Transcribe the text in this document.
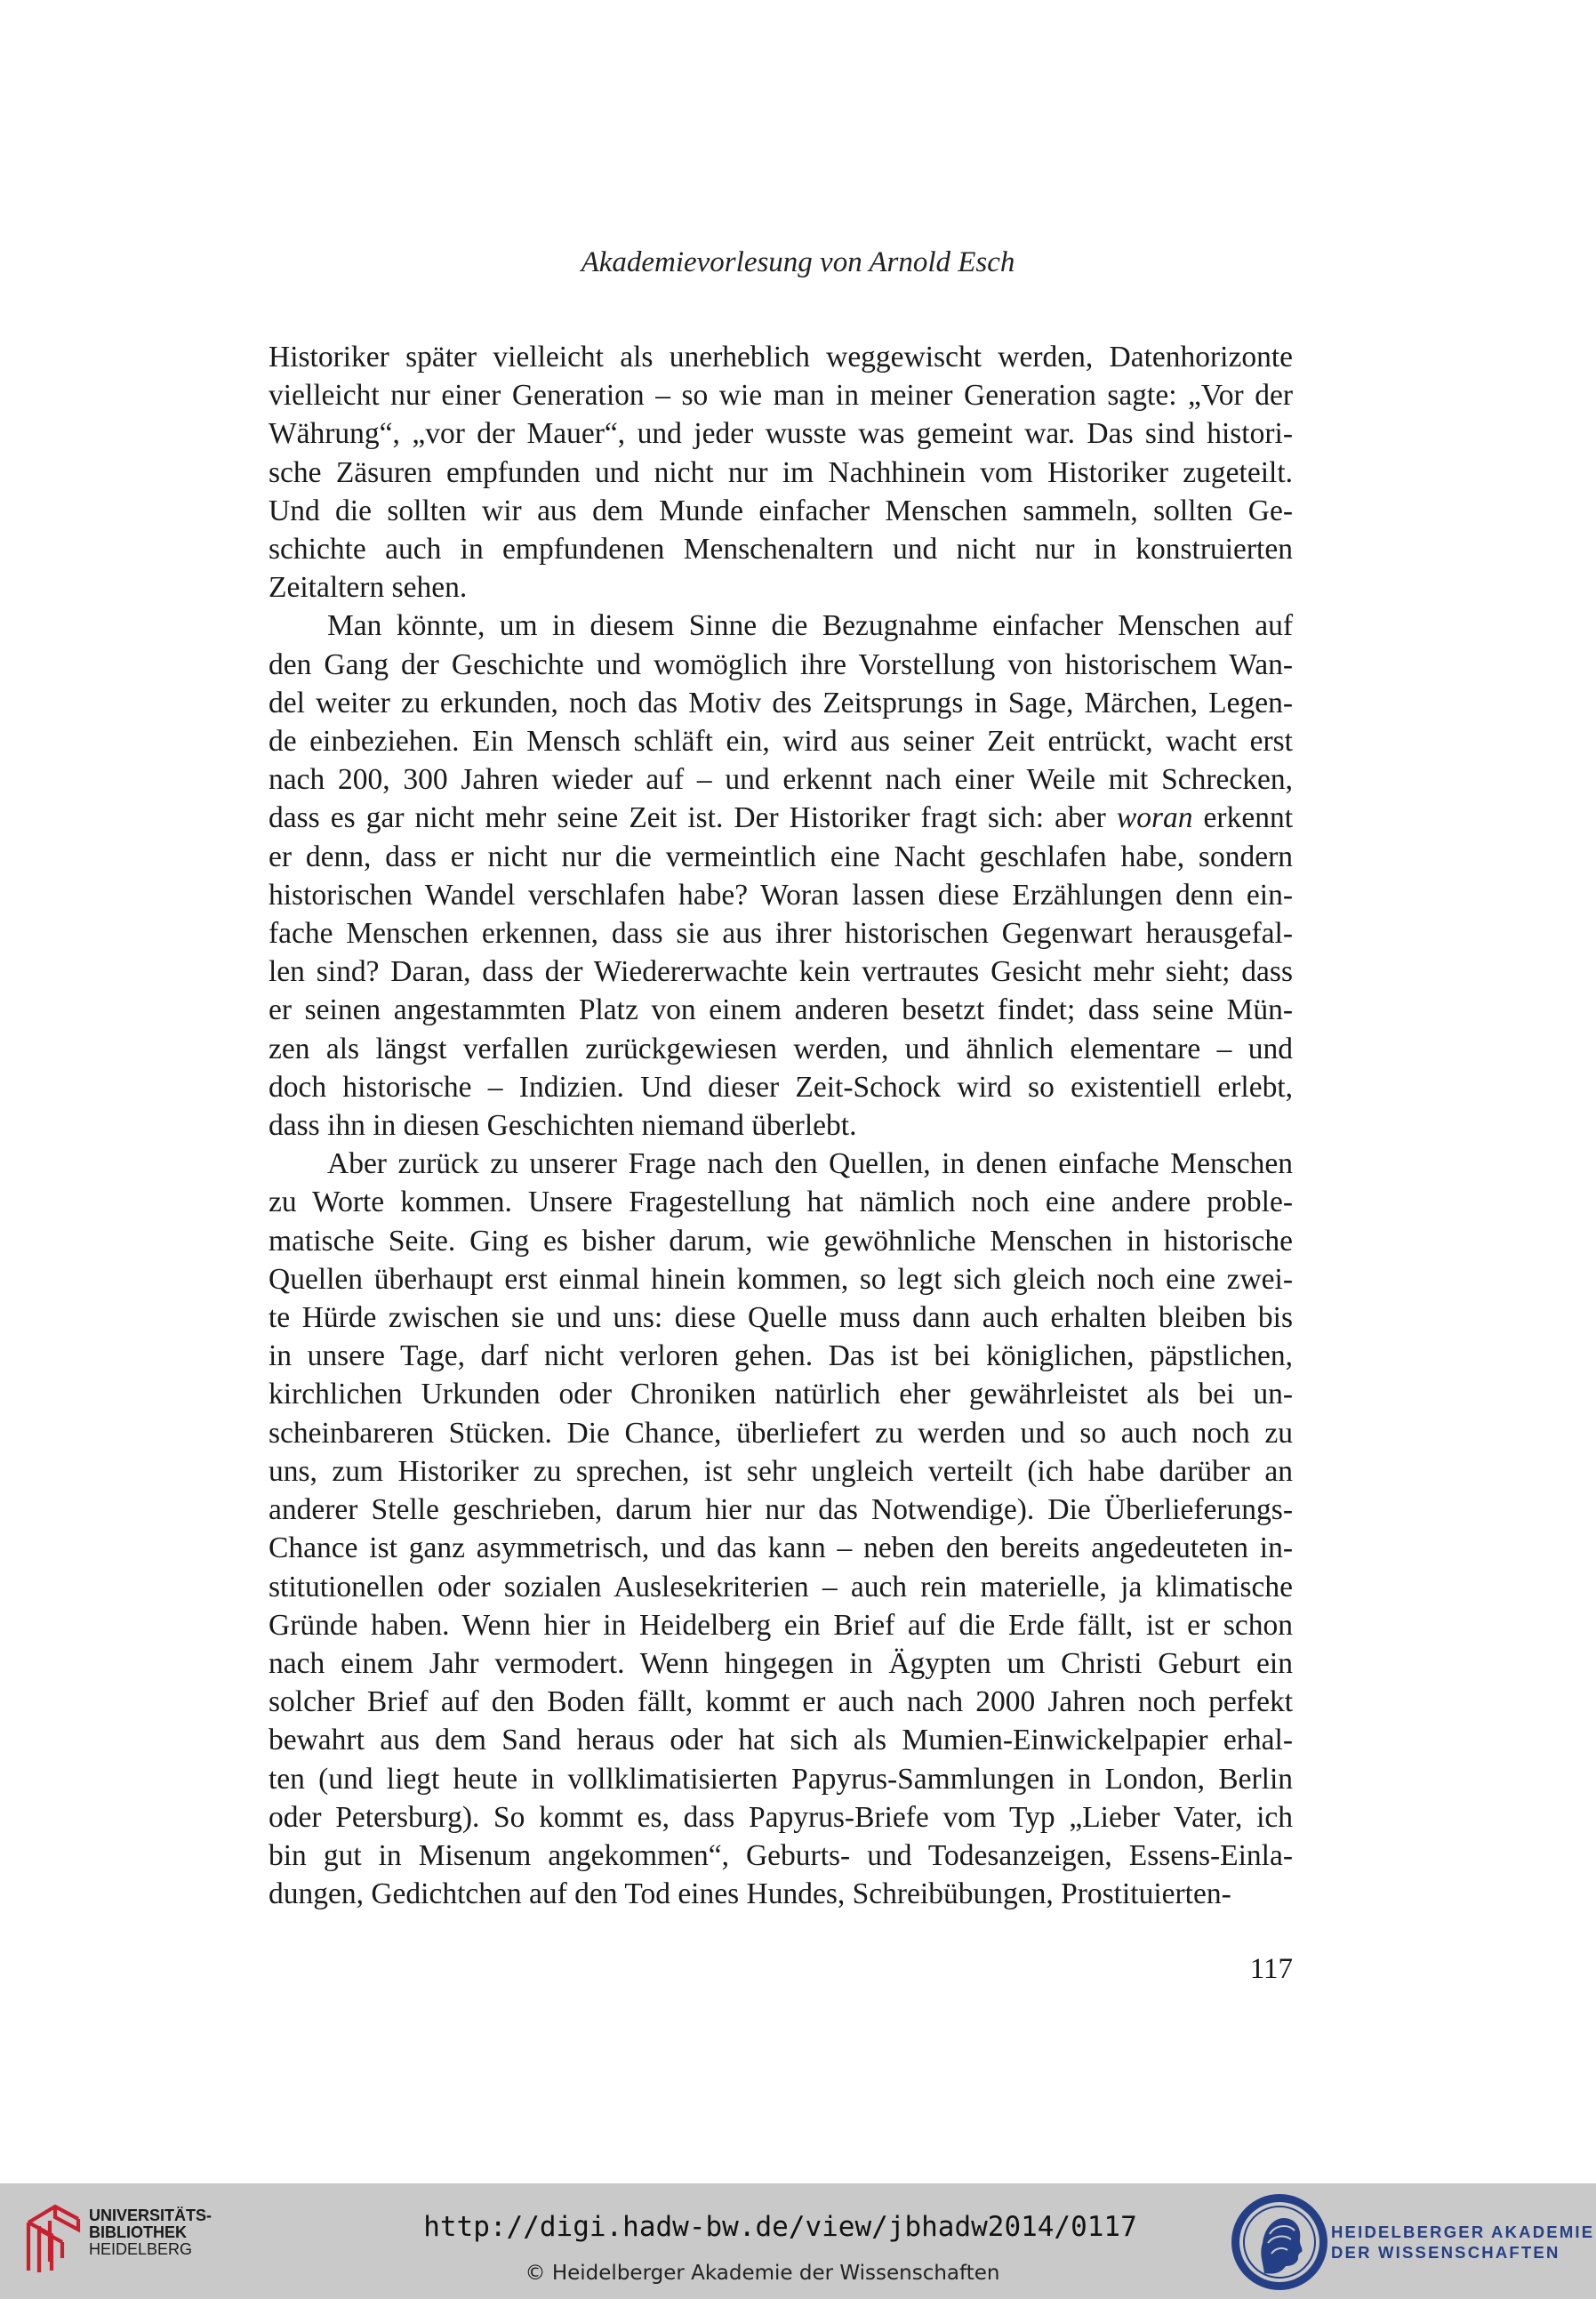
Akademievorlesung von Arnold Esch

Historiker später vielleicht als unerheblich weggewischt werden, Datenhorizonte
vielleicht nur einer Generation – so wie man in meiner Generation sagte: „Vor der
Währung“, „vor der Mauer“, und jeder wusste was gemeint war. Das sind histori-
sche Zäsuren empfunden und nicht nur im Nachhinein vom Historiker zugeteilt.
Und die sollten wir aus dem Munde einfacher Menschen sammeln, sollten Ge-
schichte auch in empfundenen Menschenaltern und nicht nur in konstruierten
Zeitaltern sehen.

Man könnte, um in diesem Sinne die Bezugnahme einfacher Menschen auf
den Gang der Geschichte und womöglich ihre Vorstellung von historischem Wan-
del weiter zu erkunden, noch das Motiv des Zeitsprungs in Sage, Märchen, Legen-
de einbeziehen. Ein Mensch schläft ein, wird aus seiner Zeit entrückt, wacht erst
nach 200, 300 Jahren wieder auf – und erkennt nach einer Weile mit Schrecken,
dass es gar nicht mehr seine Zeit ist. Der Historiker fragt sich: aber woran erkennt
er denn, dass er nicht nur die vermeintlich eine Nacht geschlafen habe, sondern
historischen Wandel verschlafen habe? Woran lassen diese Erzählungen denn ein-
fache Menschen erkennen, dass sie aus ihrer historischen Gegenwart herausgefal-
len sind? Daran, dass der Wiedererwachte kein vertrautes Gesicht mehr sieht; dass
er seinen angestammten Platz von einem anderen besetzt findet; dass seine Mün-
zen als längst verfallen zurückgewiesen werden, und ähnlich elementare – und
doch historische – Indizien. Und dieser Zeit-Schock wird so existentiell erlebt,
dass ihn in diesen Geschichten niemand überlebt.

Aber zurück zu unserer Frage nach den Quellen, in denen einfache Menschen
zu Worte kommen. Unsere Fragestellung hat nämlich noch eine andere proble-
matische Seite. Ging es bisher darum, wie gewöhnliche Menschen in historische
Quellen überhaupt erst einmal hinein kommen, so legt sich gleich noch eine zwei-
te Hürde zwischen sie und uns: diese Quelle muss dann auch erhalten bleiben bis
in unsere Tage, darf nicht verloren gehen. Das ist bei königlichen, päpstlichen,
kirchlichen Urkunden oder Chroniken natürlich eher gewährleistet als bei un-
scheinbareren Stücken. Die Chance, überliefert zu werden und so auch noch zu
uns, zum Historiker zu sprechen, ist sehr ungleich verteilt (ich habe darüber an
anderer Stelle geschrieben, darum hier nur das Notwendige). Die Überlieferungs-
Chance ist ganz asymmetrisch, und das kann – neben den bereits angedeuteten in-
stitutionellen oder sozialen Auslesekriterien – auch rein materielle, ja klimatische
Gründe haben. Wenn hier in Heidelberg ein Brief auf die Erde fällt, ist er schon
nach einem Jahr vermodert. Wenn hingegen in Ägypten um Christi Geburt ein
solcher Brief auf den Boden fällt, kommt er auch nach 2000 Jahren noch perfekt
bewahrt aus dem Sand heraus oder hat sich als Mumien-Einwickelpapier erhal-
ten (und liegt heute in vollklimatisierten Papyrus-Sammlungen in London, Berlin
oder Petersburg). So kommt es, dass Papyrus-Briefe vom Typ „Lieber Vater, ich
bin gut in Misenum angekommen“, Geburts- und Todesanzeigen, Essens-Einla-
dungen, Gedichtchen auf den Tod eines Hundes, Schreibübungen, Prostituierten-

117
UNIVERSITÄTS-
BIBLIOTHEK
HEIDELBERG
http://digi.hadw-bw.de/view/jbhadw2014/0117
© Heidelberger Akademie der Wissenschaften
HEIDELBERGER AKADEMIE
DER WISSENSCHAFTEN
